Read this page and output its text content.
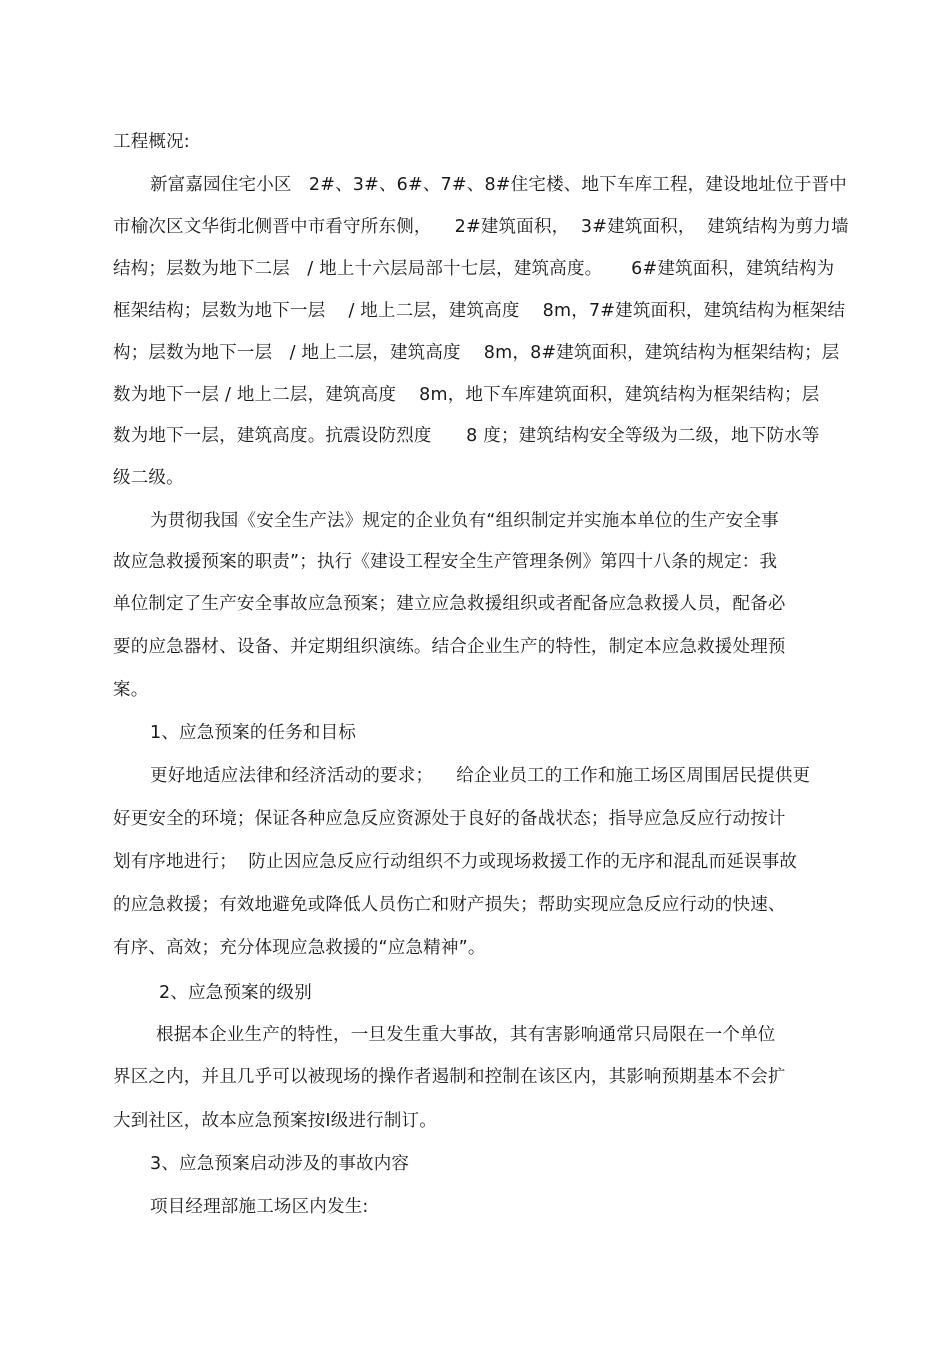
工程概况:
新富嘉园住宅小区   2#、3#、6#、7#、8#住宅楼、地下车库工程，建设地址位于晋中
市榆次区文华街北侧晋中市看守所东侧，    2#建筑面积，  3#建筑面积，  建筑结构为剪力墙
结构；层数为地下二层   / 地上十六层局部十七层，建筑高度。     6#建筑面积，建筑结构为
框架结构；层数为地下一层    / 地上二层，建筑高度    8m，7#建筑面积，建筑结构为框架结
构；层数为地下一层   / 地上二层，建筑高度    8m，8#建筑面积，建筑结构为框架结构；层
数为地下一层 / 地上二层，建筑高度    8m，地下车库建筑面积，建筑结构为框架结构；层
数为地下一层，建筑高度。抗震设防烈度      8 度；建筑结构安全等级为二级，地下防水等
级二级。
为贯彻我国《安全生产法》规定的企业负有“组织制定并实施本单位的生产安全事
故应急救援预案的职责”；执行《建设工程安全生产管理条例》第四十八条的规定：我
单位制定了生产安全事故应急预案；建立应急救援组织或者配备应急救援人员，配备必
要的应急器材、设备、并定期组织演练。结合企业生产的特性，制定本应急救援处理预
案。
1、应急预案的任务和目标
更好地适应法律和经济活动的要求；    给企业员工的工作和施工场区周围居民提供更
好更安全的环境；保证各种应急反应资源处于良好的备战状态；指导应急反应行动按计
划有序地进行；  防止因应急反应行动组织不力或现场救援工作的无序和混乱而延误事故
的应急救援；有效地避免或降低人员伤亡和财产损失；帮助实现应急反应行动的快速、
有序、高效；充分体现应急救援的“应急精神”。
2、应急预案的级别
根据本企业生产的特性，一旦发生重大事故，其有害影响通常只局限在一个单位
界区之内，并且几乎可以被现场的操作者遏制和控制在该区内，其影响预期基本不会扩
大到社区，故本应急预案按Ⅰ级进行制订。
3、应急预案启动涉及的事故内容
项目经理部施工场区内发生:
